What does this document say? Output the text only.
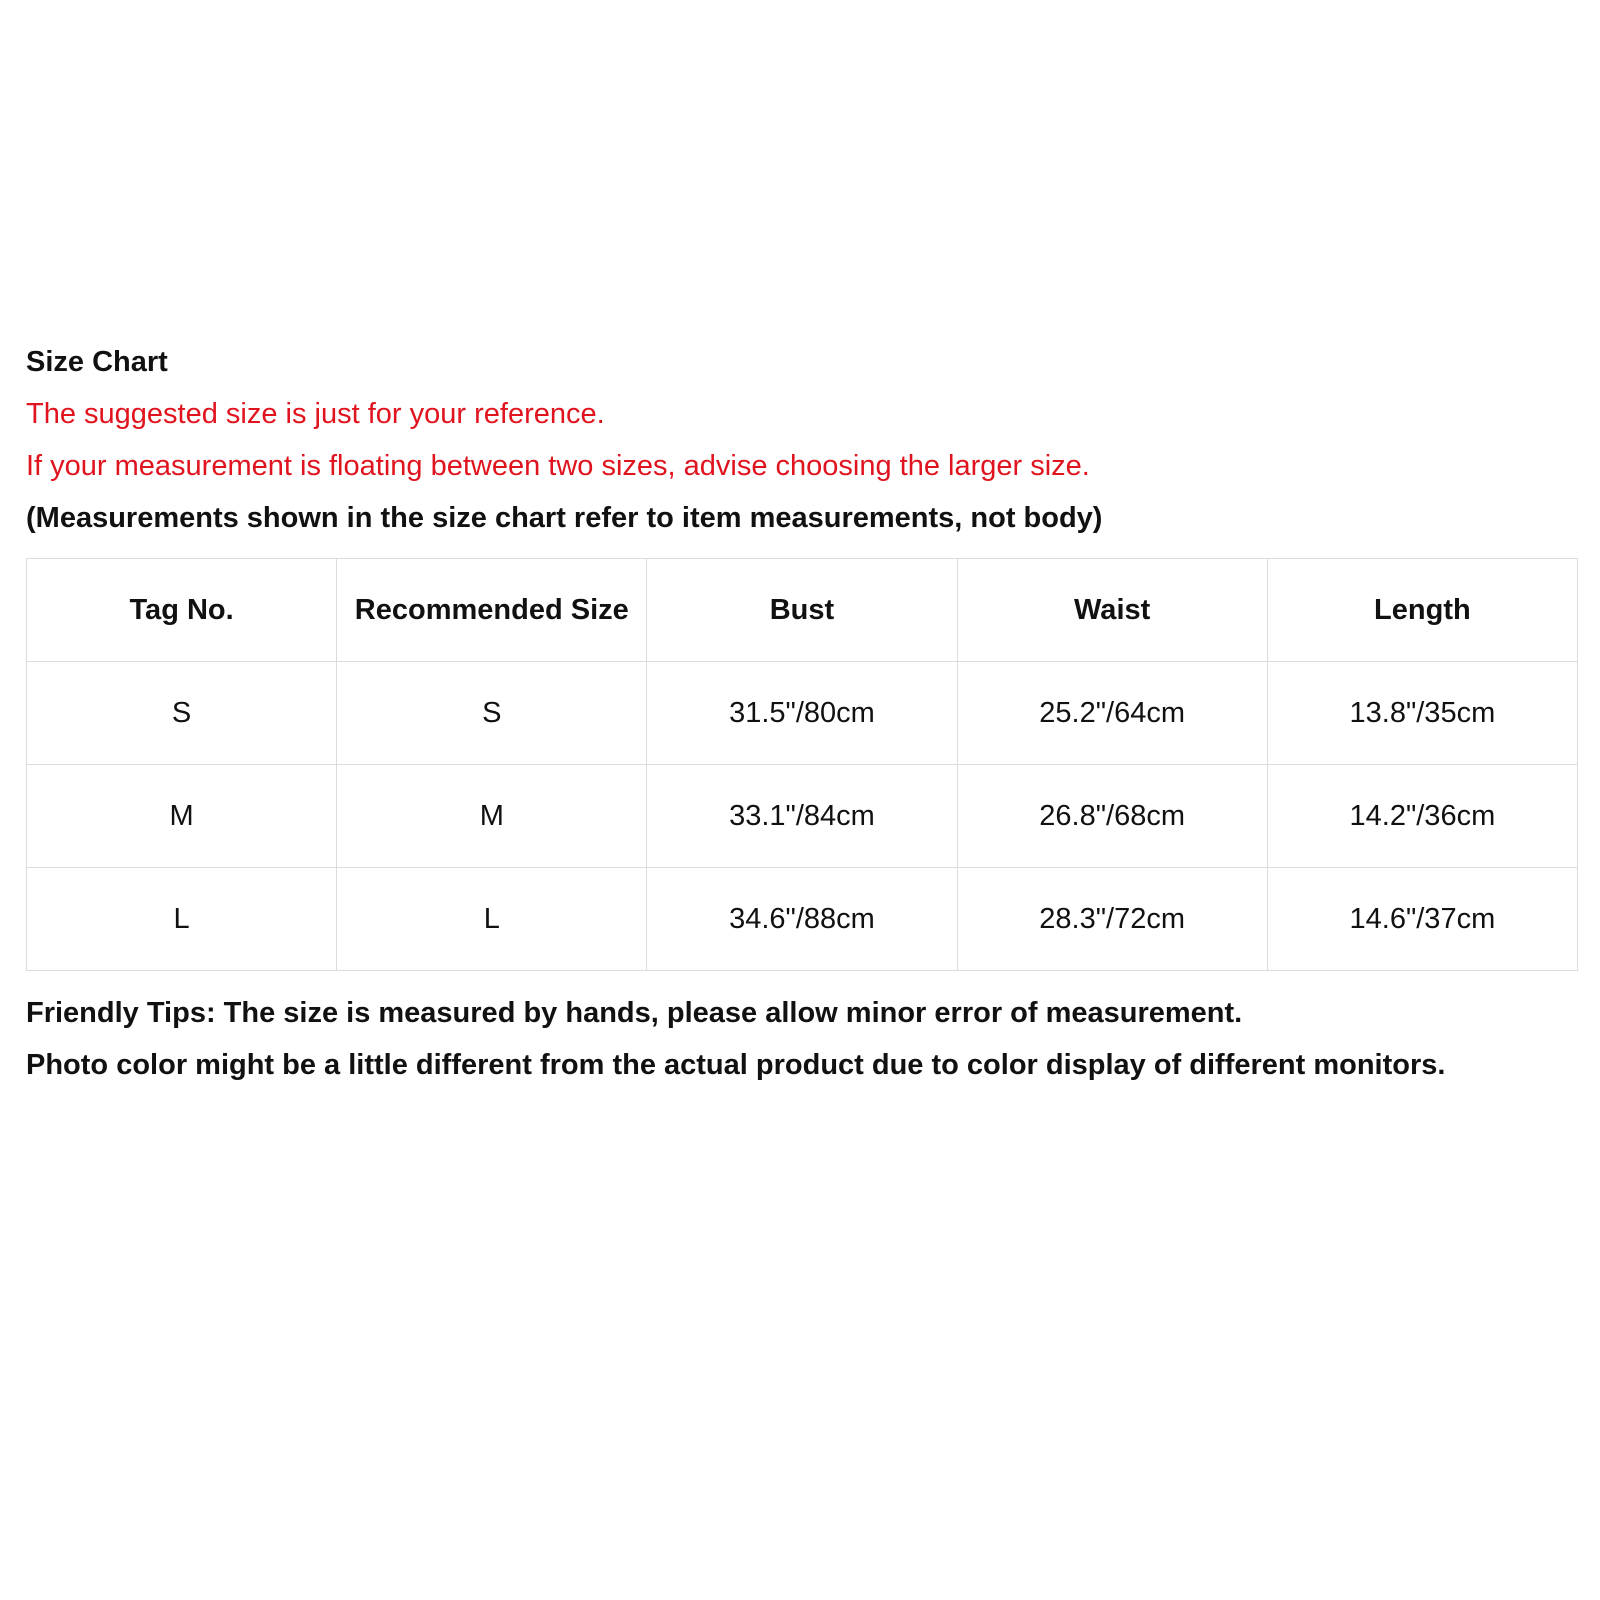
Size Chart
The suggested size is just for your reference.
If your measurement is floating between two sizes, advise choosing the larger size.
(Measurements shown in the size chart refer to item measurements, not body)
Tag No.	Recommended Size	Bust	Waist	Length
S	S	31.5"/80cm	25.2"/64cm	13.8"/35cm
M	M	33.1"/84cm	26.8"/68cm	14.2"/36cm
L	L	34.6"/88cm	28.3"/72cm	14.6"/37cm
Friendly Tips: The size is measured by hands, please allow minor error of measurement.
Photo color might be a little different from the actual product due to color display of different monitors.
